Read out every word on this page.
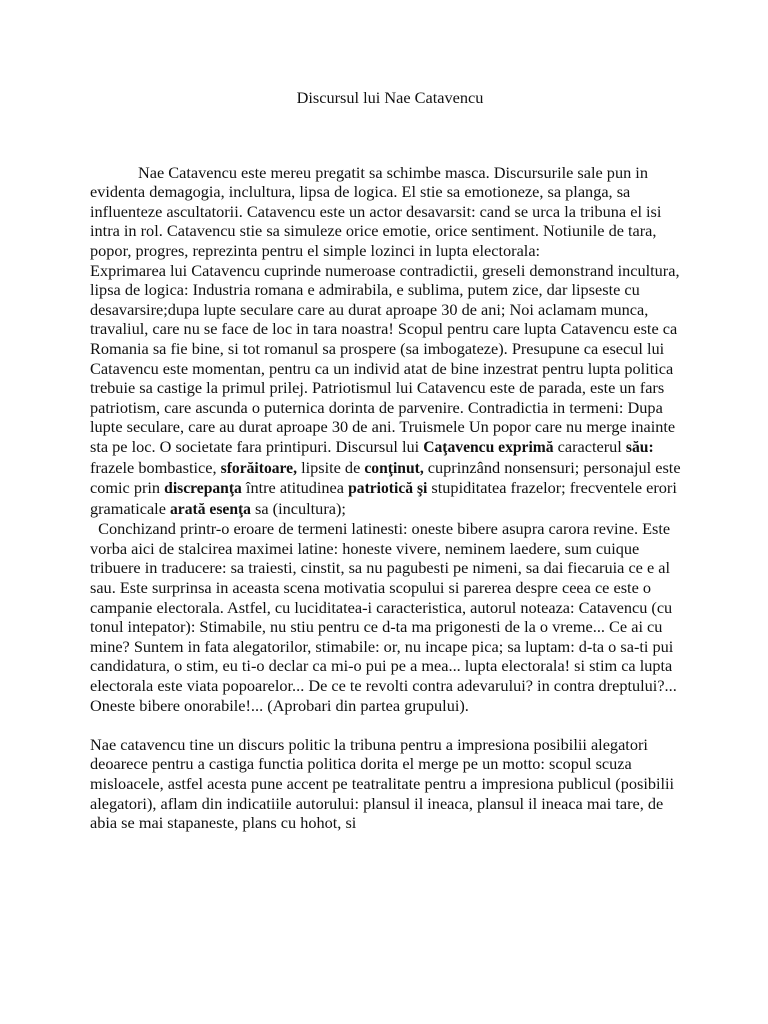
Discursul lui Nae Catavencu

Nae Catavencu este mereu pregatit sa schimbe masca. Discursurile sale pun in evidenta demagogia, inclultura, lipsa de logica. El stie sa emotioneze, sa planga, sa influenteze ascultatorii. Catavencu este un actor desavarsit: cand se urca la tribuna el isi intra in rol. Catavencu stie sa simuleze orice emotie, orice sentiment. Notiunile de tara, popor, progres, reprezinta pentru el simple lozinci in lupta electorala:

Exprimarea lui Catavencu cuprinde numeroase contradictii, greseli demonstrand incultura, lipsa de logica: Industria romana e admirabila, e sublima, putem zice, dar lipseste cu desavarsire;dupa lupte seculare care au durat aproape 30 de ani; Noi aclamam munca, travaliul, care nu se face de loc in tara noastra! Scopul pentru care lupta Catavencu este ca Romania sa fie bine, si tot romanul sa prospere (sa imbogateze). Presupune ca esecul lui Catavencu este momentan, pentru ca un individ atat de bine inzestrat pentru lupta politica trebuie sa castige la primul prilej. Patriotismul lui Catavencu este de parada, este un fars patriotism, care ascunda o puternica dorinta de parvenire. Contradictia in termeni: Dupa lupte seculare, care au durat aproape 30 de ani. Truismele Un popor care nu merge inainte sta pe loc. O societate fara printipuri. Discursul lui Caţavencu exprimă caracterul său: frazele bombastice, sforăitoare, lipsite de conţinut, cuprinzând nonsensuri; personajul este comic prin discrepanţa între atitudinea patriotică şi stupiditatea frazelor; frecventele erori gramaticale arată esenţa sa (incultura);

Conchizand printr-o eroare de termeni latinesti: oneste bibere asupra carora revine. Este vorba aici de stalcirea maximei latine: honeste vivere, neminem laedere, sum cuique tribuere in traducere: sa traiesti, cinstit, sa nu pagubesti pe nimeni, sa dai fiecaruia ce e al sau. Este surprinsa in aceasta scena motivatia scopului si parerea despre ceea ce este o campanie electorala. Astfel, cu luciditatea-i caracteristica, autorul noteaza: Catavencu (cu tonul intepator): Stimabile, nu stiu pentru ce d-ta ma prigonesti de la o vreme... Ce ai cu mine? Suntem in fata alegatorilor, stimabile: or, nu incape pica; sa luptam: d-ta o sa-ti pui candidatura, o stim, eu ti-o declar ca mi-o pui pe a mea... lupta electorala! si stim ca lupta electorala este viata popoarelor... De ce te revolti contra adevarului? in contra dreptului?... Oneste bibere onorabile!... (Aprobari din partea grupului).

Nae catavencu tine un discurs politic la tribuna pentru a impresiona posibilii alegatori deoarece pentru a castiga functia politica dorita el merge pe un motto: scopul scuza misloacele, astfel acesta pune accent pe teatralitate pentru a impresiona publicul (posibilii alegatori), aflam din indicatiile autorului: plansul il ineaca, plansul il ineaca mai tare, de abia se mai stapaneste, plans cu hohot, si
